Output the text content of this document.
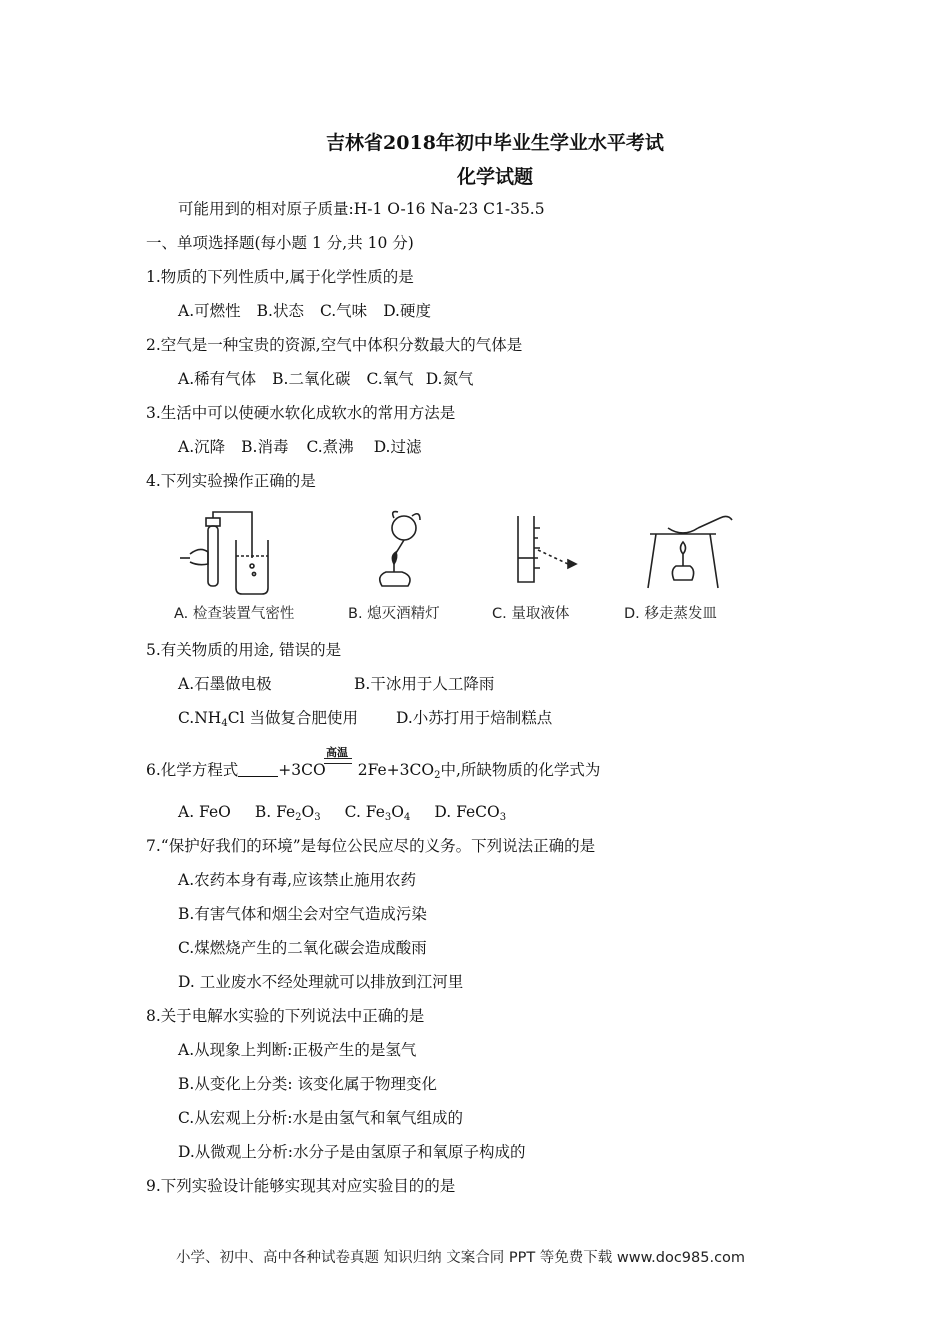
吉林省2018年初中毕业生学业水平考试
化学试题
可能用到的相对原子质量:H-1 O-16 Na-23 C1-35.5
一、单项选择题(每小题 1 分,共 10 分)
1.物质的下列性质中,属于化学性质的是
A.可燃性 B.状态 C.气味 D.硬度
2.空气是一种宝贵的资源,空气中体积分数最大的气体是
A.稀有气体 B.二氧化碳 C.氧气 D.氮气
3.生活中可以使硬水软化成软水的常用方法是
A.沉降 B.消毒 C.煮沸 D.过滤
4.下列实验操作正确的是
A. 检查装置气密性	B. 熄灭酒精灯	C. 量取液体	D. 移走蒸发皿
5.有关物质的用途, 错误的是
A.石墨做电极	B.干冰用于人工降雨
$C.NH_4Cl$ 当做复合肥使用 D.小苏打用于焙制糕点
高温
6.化学方程式	+3CO $2Fe+3CO_2$中,所缺物质的化学式为
A. FeO B. $Fe_2O_3$ C. $Fe_3O_4$ D. FeCO$_3$
7.“保护好我们的环境”是每位公民应尽的义务。下列说法正确的是
A.农药本身有毒,应该禁止施用农药
B.有害气体和烟尘会对空气造成污染
C.煤燃烧产生的二氧化碳会造成酸雨
D. 工业废水不经处理就可以排放到江河里
8.关于电解水实验的下列说法中正确的是
A.从现象上判断:正极产生的是氢气
B.从变化上分类: 该变化属于物理变化
C.从宏观上分析:水是由氢气和氧气组成的
D.从微观上分析:水分子是由氢原子和氧原子构成的
9.下列实验设计能够实现其对应实验目的的是
小学、初中、高中各种试卷真题 知识归纳 文案合同 PPT 等免费下载 www.doc985.com
